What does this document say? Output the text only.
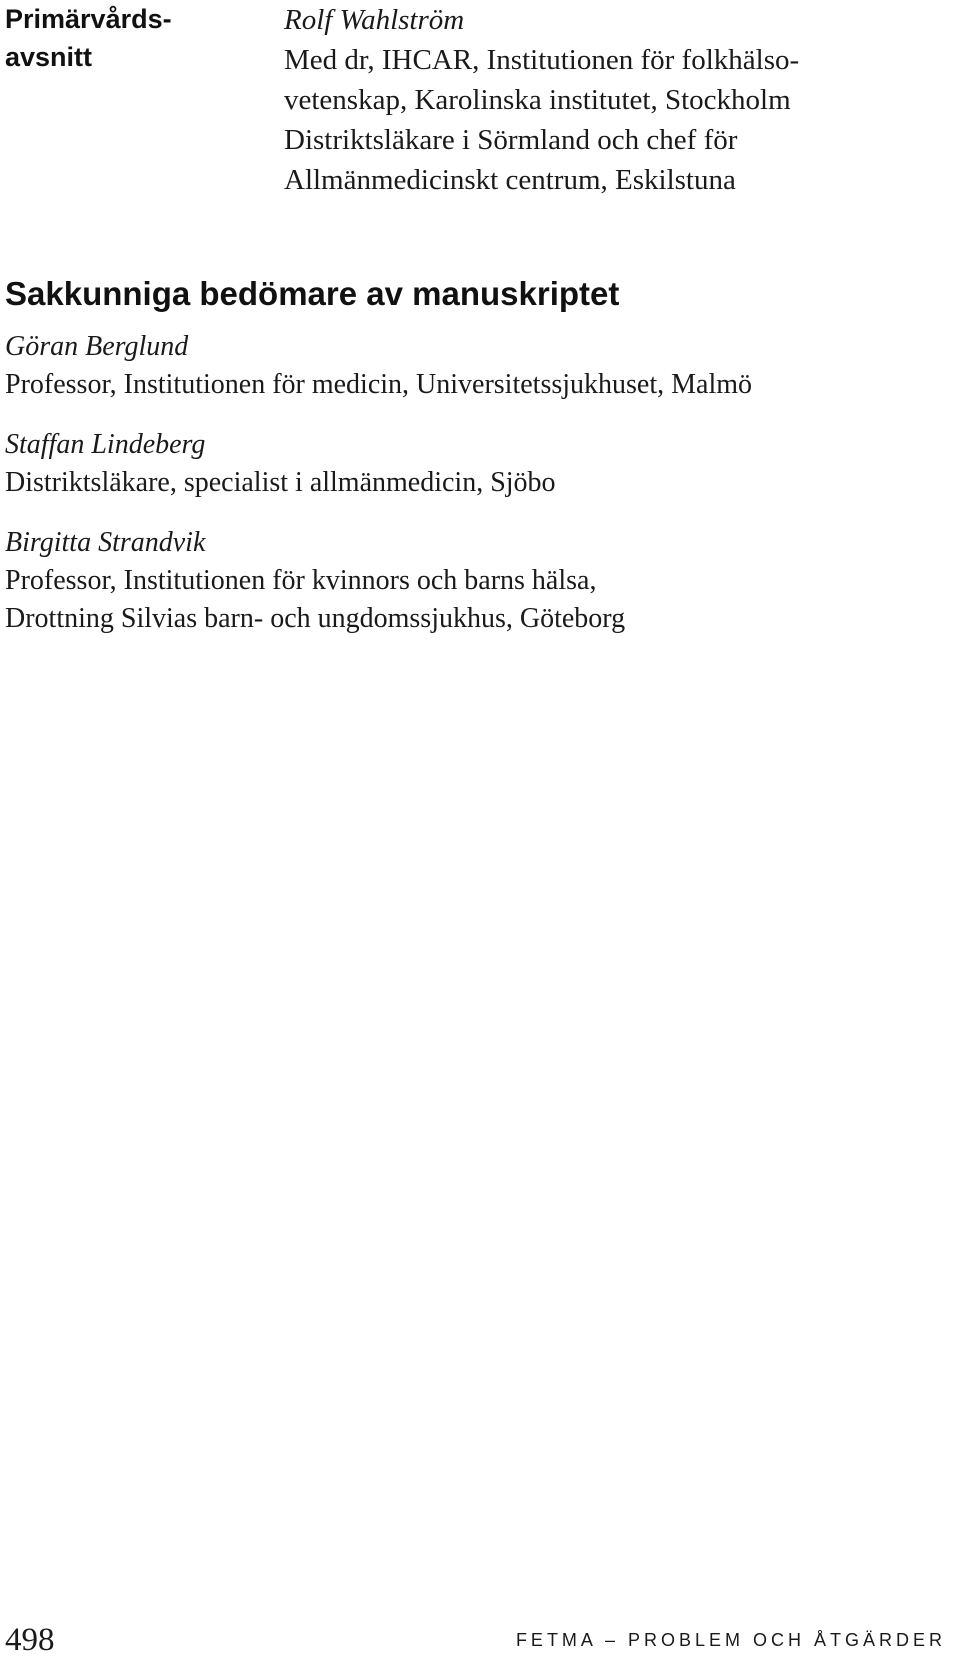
Primärvårds-
avsnitt
Rolf Wahlström
Med dr, IHCAR, Institutionen för folkhälso-
vetenskap, Karolinska institutet, Stockholm
Distriktsläkare i Sörmland och chef för
Allmänmedicinskt centrum, Eskilstuna
Sakkunniga bedömare av manuskriptet
Göran Berglund
Professor, Institutionen för medicin, Universitetssjukhuset, Malmö
Staffan Lindeberg
Distriktsläkare, specialist i allmänmedicin, Sjöbo
Birgitta Strandvik
Professor, Institutionen för kvinnors och barns hälsa,
Drottning Silvias barn- och ungdomssjukhus, Göteborg
498	FETMA – PROBLEM OCH ÅTGÄRDER
